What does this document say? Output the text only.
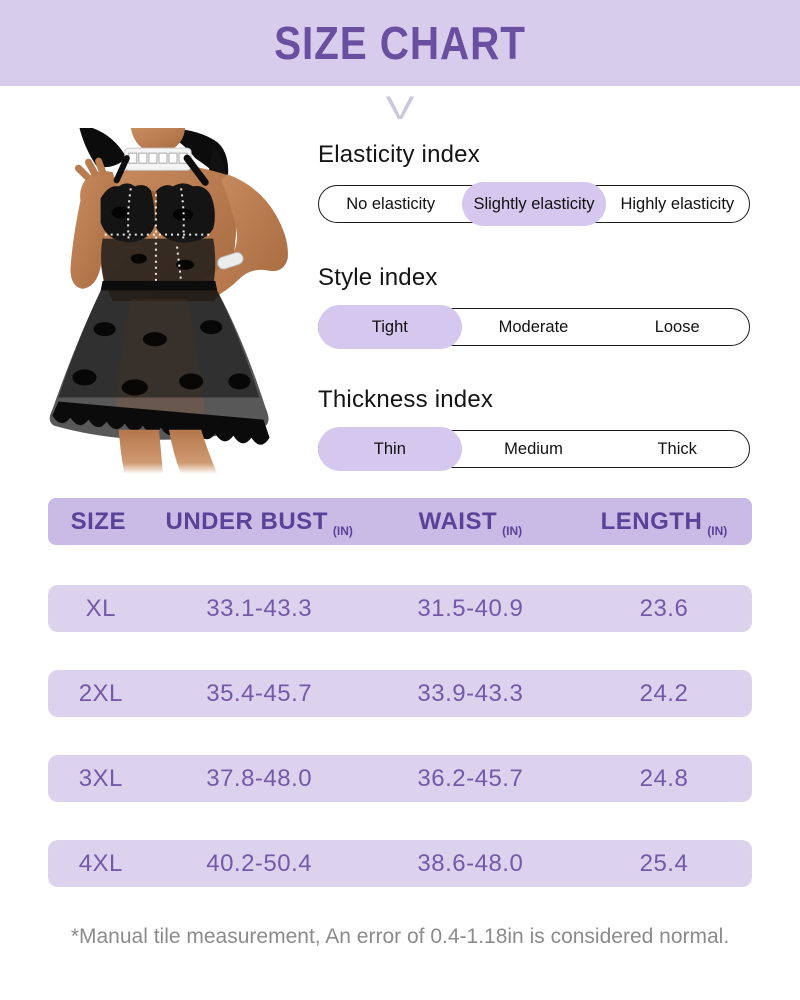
SIZE CHART
V
Elasticity index
No elasticity	Slightly elasticity	Highly elasticity
Style index
Tight	Moderate	Loose
Thickness index
Thin	Medium	Thick
SIZE	UNDER BUST $_{(IN)}$	WAIST $_{(IN)}$	LENGTH $_{(IN)}$
XL	33.1-43.3	31.5-40.9	23.6
2XL	35.4-45.7	33.9-43.3	24.2
3XL	37.8-48.0	36.2-45.7	24.8
4XL	40.2-50.4	38.6-48.0	25.4
*Manual tile measurement, An error of 0.4-1.18in is considered normal.
